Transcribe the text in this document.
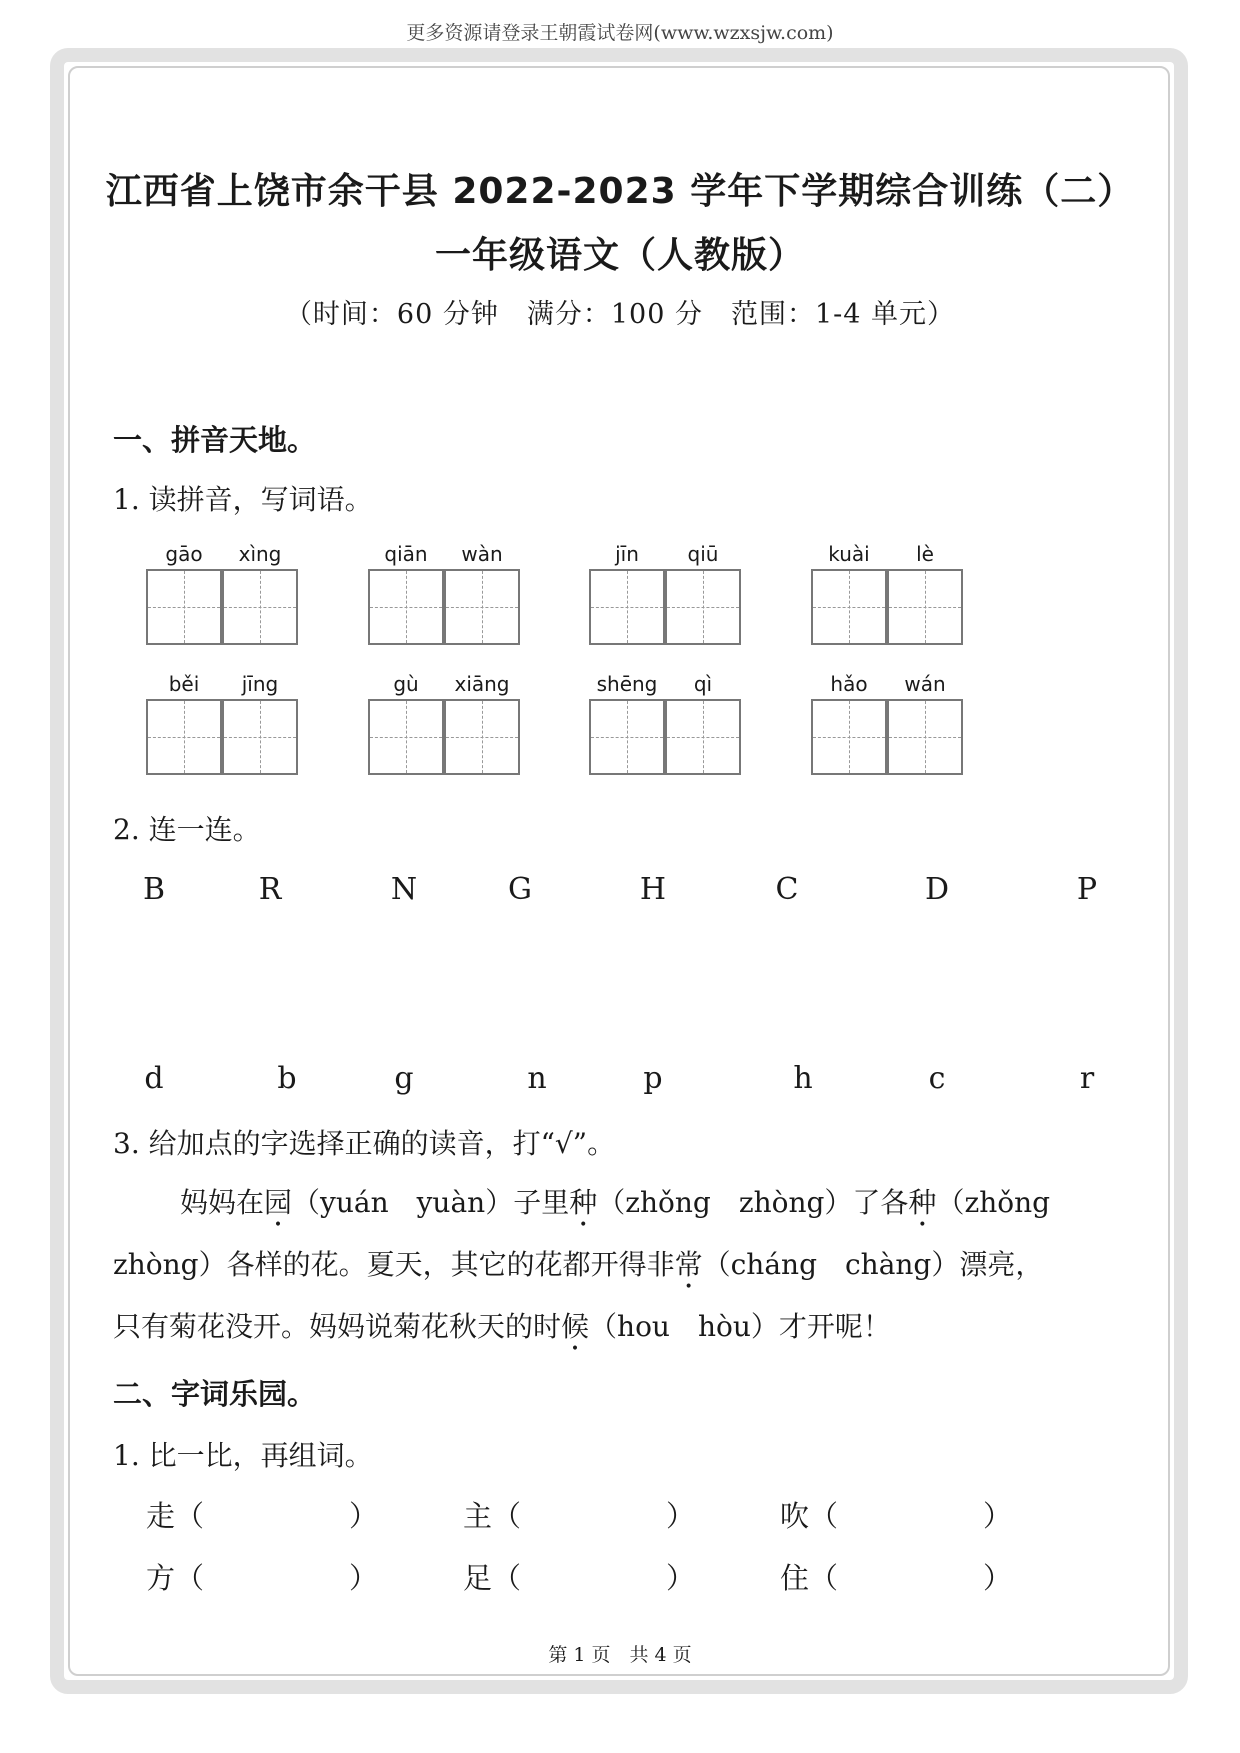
更多资源请登录王朝霞试卷网(www.wzxsjw.com)
江西省上饶市余干县 2022-2023 学年下学期综合训练（二）
一年级语文（人教版）
（时间：60 分钟　满分：100 分　范围：1-4 单元）
一、拼音天地。
1. 读拼音，写词语。
gāo	xìng	qiān	wàn	jīn	qiū	kuài	lè
běi	jīng	gù	xiāng	shēng	qì	hǎo	wán
2. 连一连。
B	R	N	G	H	C	D	P
d	b	g	n	p	h	c	r
3. 给加点的字选择正确的读音，打“√”。
妈妈在园（yuán　yuàn）子里种（zhǒng　zhòng）了各种（zhǒng
zhòng）各样的花。夏天，其它的花都开得非常（cháng　chàng）漂亮，
只有菊花没开。妈妈说菊花秋天的时候（hou　hòu）才开呢！
二、字词乐园。
1. 比一比，再组词。
走（　　　　　）	主（　　　　　）	吹（　　　　　）
方（　　　　　）	足（　　　　　）	住（　　　　　）
第 1 页　共 4 页
